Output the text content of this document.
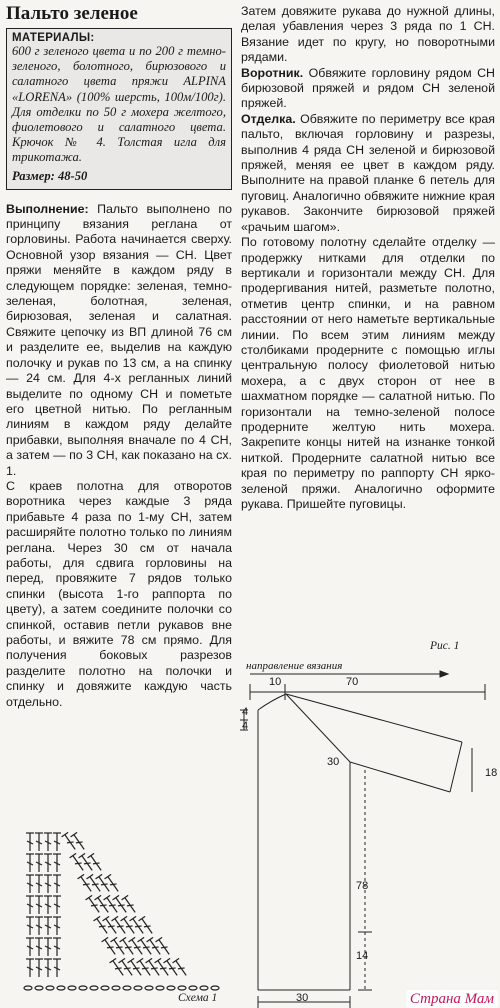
Пальто зеленое
МАТЕРИАЛЫ:
600 г зеленого цвета и по 200 г темно-зеленого, болотного, бирюзового и салатного цвета пряжи ALPINA «LORENA» (100% шерсть, 100м/100г). Для отделки по 50 г мохера желтого, фиолетового и салатного цвета. Крючок № 4. Толстая игла для трикотажа.
Размер: 48-50

Выполнение: Пальто выполнено по принципу вязания реглана от горловины. Работа начинается сверху. Основной узор вязания — СН. Цвет пряжи меняйте в каждом ряду в следующем порядке: зеленая, темно-зеленая, болотная, зеленая, бирюзовая, зеленая и салатная. Свяжите цепочку из ВП длиной 76 см и разделите ее, выделив на каждую полочку и рукав по 13 см, а на спинку — 24 см. Для 4-х регланных линий выделите по одному СН и пометьте его цветной нитью. По регланным линиям в каждом ряду делайте прибавки, выполняя вначале по 4 СН, а затем — по 3 СН, как показано на сх. 1.

С краев полотна для отворотов воротника через каждые 3 ряда прибавьте 4 раза по 1-му СН, затем расширяйте полотно только по линиям реглана. Через 30 см от начала работы, для сдвига горловины на перед, провяжите 7 рядов только спинки (высота 1-го раппорта по цвету), а затем соедините полочки со спинкой, оставив петли рукавов вне работы, и вяжите 78 см прямо. Для получения боковых разрезов разделите полотно на полочки и спинку и довяжите каждую часть отдельно.

Затем довяжите рукава до нужной длины, делая убавления через 3 ряда по 1 СН. Вязание идет по кругу, но поворотными рядами.

Воротник. Обвяжите горловину рядом СН бирюзовой пряжей и рядом СН зеленой пряжей.

Отделка. Обвяжите по периметру все края пальто, включая горловину и разрезы, выполнив 4 ряда СН зеленой и бирюзовой пряжей, меняя ее цвет в каждом ряду. Выполните на правой планке 6 петель для пуговиц. Аналогично обвяжите нижние края рукавов. Закончите бирюзовой пряжей «рачьим шагом».

По готовому полотну сделайте отделку — продержку нитками для отделки по вертикали и горизонтали между СН. Для продергивания нитей, разметьте полотно, отметив центр спинки, и на равном расстоянии от него наметьте вертикальные линии. По всем этим линиям между столбиками продерните с помощью иглы центральную полосу фиолетовой нитью мохера, а с двух сторон от нее в шахматном порядке — салатной нитью. По горизонтали на темно-зеленой полосе продерните желтую нить мохера. Закрепите концы нитей на изнанке тонкой ниткой. Продерните салатной нитью все края по периметру по раппорту СН ярко-зеленой пряжи. Аналогично оформите рукава. Пришейте пуговицы.

Рис. 1
направление вязания
10	70
4
4
30
18
78
14
30
Схема 1	Страна Мам
